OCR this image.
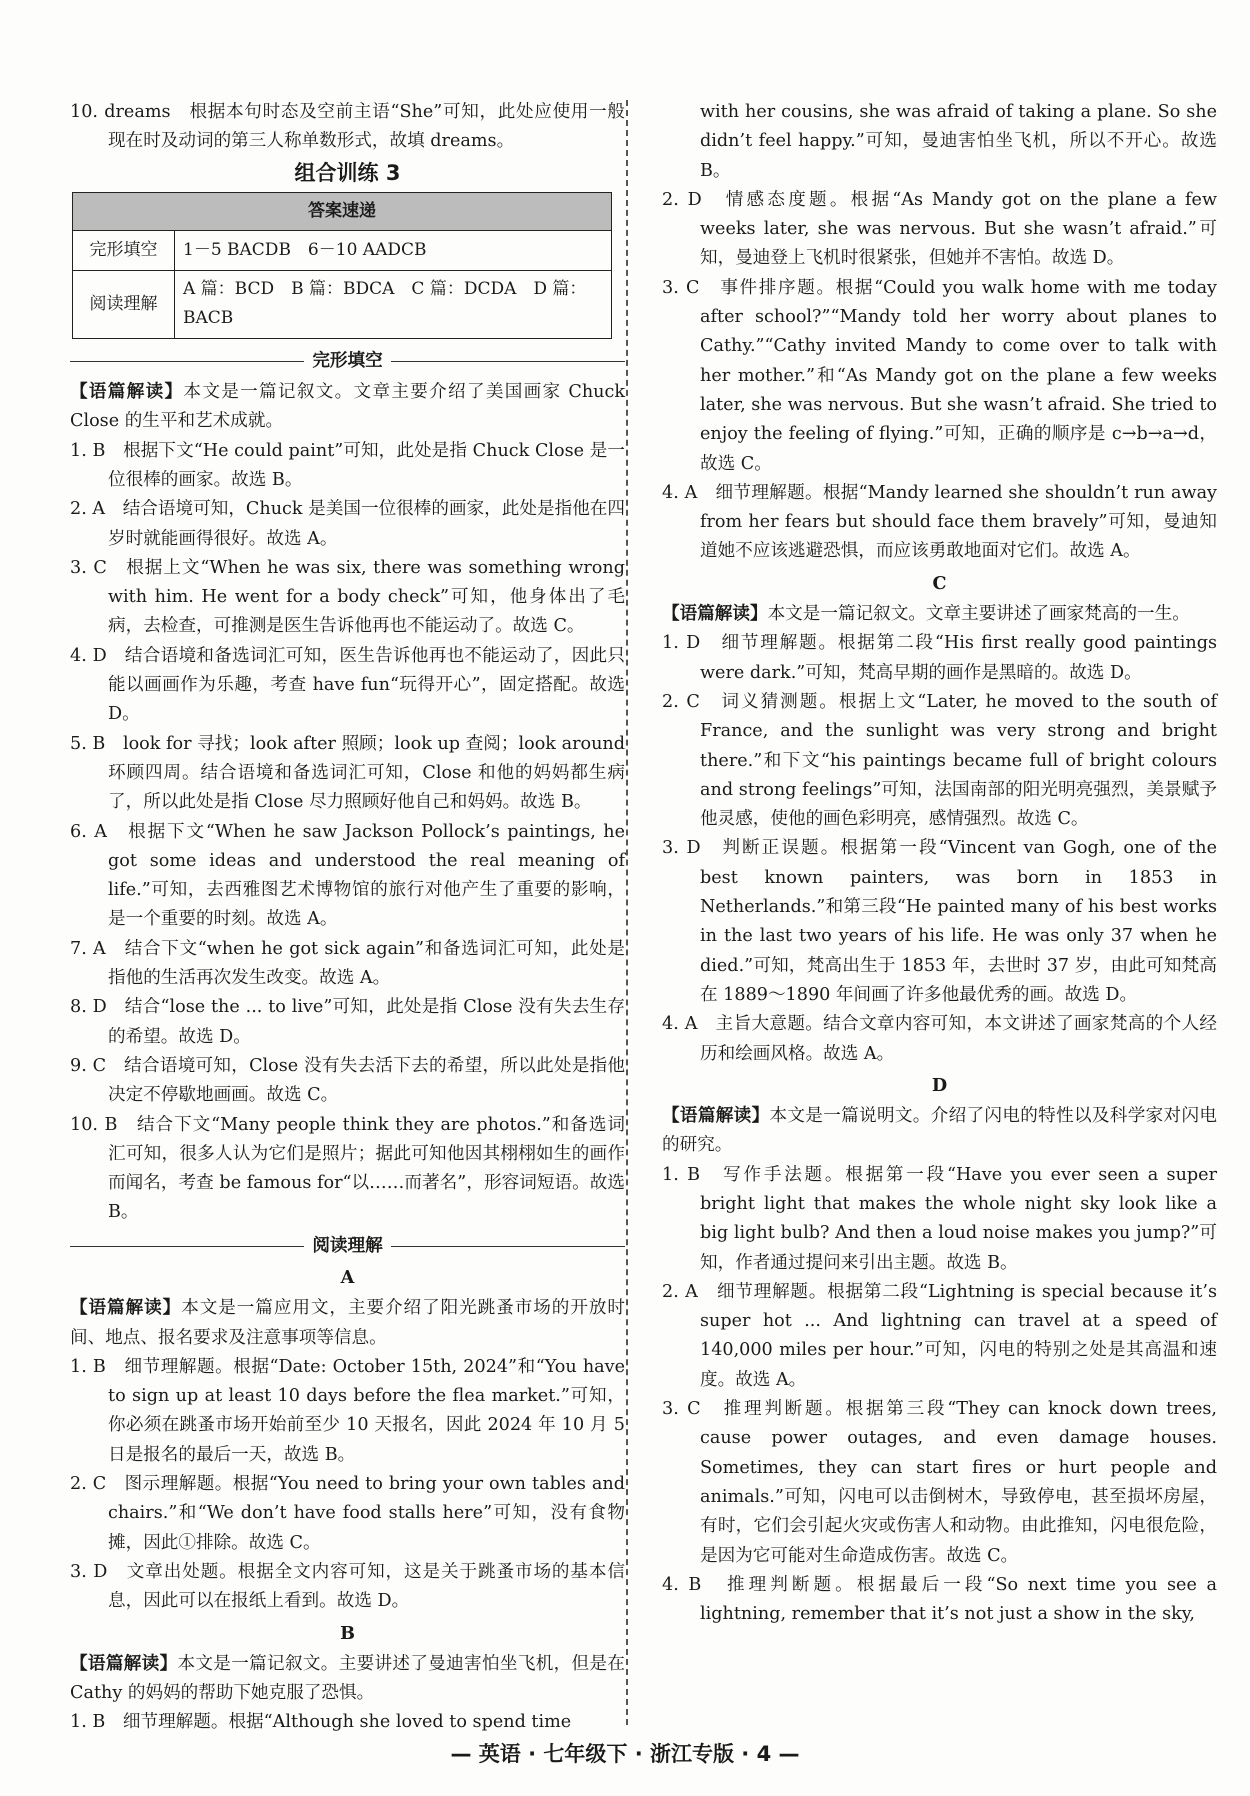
10. dreams　根据本句时态及空前主语“She”可知，此处应使用一般现在时及动词的第三人称单数形式，故填 dreams。
组合训练 3
答案速递	
完形填空	1－5 BACDB　6－10 AADCB
阅读理解	A 篇：BCD　B 篇：BDCA　C 篇：DCDA　D 篇：BACB
完形填空
【语篇解读】本文是一篇记叙文。文章主要介绍了美国画家 Chuck Close 的生平和艺术成就。
1. B　根据下文“He could paint”可知，此处是指 Chuck Close 是一位很棒的画家。故选 B。
2. A　结合语境可知，Chuck 是美国一位很棒的画家，此处是指他在四岁时就能画得很好。故选 A。
3. C　根据上文“When he was six, there was something wrong with him. He went for a body check”可知，他身体出了毛病，去检查，可推测是医生告诉他再也不能运动了。故选 C。
4. D　结合语境和备选词汇可知，医生告诉他再也不能运动了，因此只能以画画作为乐趣，考查 have fun“玩得开心”，固定搭配。故选 D。
5. B　look for 寻找；look after 照顾；look up 查阅；look around 环顾四周。结合语境和备选词汇可知，Close 和他的妈妈都生病了，所以此处是指 Close 尽力照顾好他自己和妈妈。故选 B。
6. A　根据下文“When he saw Jackson Pollock’s paintings, he got some ideas and understood the real meaning of life.”可知，去西雅图艺术博物馆的旅行对他产生了重要的影响，是一个重要的时刻。故选 A。
7. A　结合下文“when he got sick again”和备选词汇可知，此处是指他的生活再次发生改变。故选 A。
8. D　结合“lose the ... to live”可知，此处是指 Close 没有失去生存的希望。故选 D。
9. C　结合语境可知，Close 没有失去活下去的希望，所以此处是指他决定不停歇地画画。故选 C。
10. B　结合下文“Many people think they are photos.”和备选词汇可知，很多人认为它们是照片；据此可知他因其栩栩如生的画作而闻名，考查 be famous for“以……而著名”，形容词短语。故选 B。
阅读理解
A
【语篇解读】本文是一篇应用文，主要介绍了阳光跳蚤市场的开放时间、地点、报名要求及注意事项等信息。
1. B　细节理解题。根据“Date: October 15th, 2024”和“You have to sign up at least 10 days before the flea market.”可知，你必须在跳蚤市场开始前至少 10 天报名，因此 2024 年 10 月 5 日是报名的最后一天，故选 B。
2. C　图示理解题。根据“You need to bring your own tables and chairs.”和“We don’t have food stalls here”可知，没有食物摊，因此①排除。故选 C。
3. D　文章出处题。根据全文内容可知，这是关于跳蚤市场的基本信息，因此可以在报纸上看到。故选 D。
B
【语篇解读】本文是一篇记叙文。主要讲述了曼迪害怕坐飞机，但是在 Cathy 的妈妈的帮助下她克服了恐惧。
1. B　细节理解题。根据“Although she loved to spend time
with her cousins, she was afraid of taking a plane. So she didn’t feel happy.”可知，曼迪害怕坐飞机，所以不开心。故选 B。
2. D　情感态度题。根据“As Mandy got on the plane a few weeks later, she was nervous. But she wasn’t afraid.”可知，曼迪登上飞机时很紧张，但她并不害怕。故选 D。
3. C　事件排序题。根据“Could you walk home with me today after school?”“Mandy told her worry about planes to Cathy.”“Cathy invited Mandy to come over to talk with her mother.”和“As Mandy got on the plane a few weeks later, she was nervous. But she wasn’t afraid. She tried to enjoy the feeling of flying.”可知，正确的顺序是 c→b→a→d，故选 C。
4. A　细节理解题。根据“Mandy learned she shouldn’t run away from her fears but should face them bravely”可知，曼迪知道她不应该逃避恐惧，而应该勇敢地面对它们。故选 A。
C
【语篇解读】本文是一篇记叙文。文章主要讲述了画家梵高的一生。
1. D　细节理解题。根据第二段“His first really good paintings were dark.”可知，梵高早期的画作是黑暗的。故选 D。
2. C　词义猜测题。根据上文“Later, he moved to the south of France, and the sunlight was very strong and bright there.”和下文“his paintings became full of bright colours and strong feelings”可知，法国南部的阳光明亮强烈，美景赋予他灵感，使他的画色彩明亮，感情强烈。故选 C。
3. D　判断正误题。根据第一段“Vincent van Gogh, one of the best known painters, was born in 1853 in Netherlands.”和第三段“He painted many of his best works in the last two years of his life. He was only 37 when he died.”可知，梵高出生于 1853 年，去世时 37 岁，由此可知梵高在 1889～1890 年间画了许多他最优秀的画。故选 D。
4. A　主旨大意题。结合文章内容可知，本文讲述了画家梵高的个人经历和绘画风格。故选 A。
D
【语篇解读】本文是一篇说明文。介绍了闪电的特性以及科学家对闪电的研究。
1. B　写作手法题。根据第一段“Have you ever seen a super bright light that makes the whole night sky look like a big light bulb? And then a loud noise makes you jump?”可知，作者通过提问来引出主题。故选 B。
2. A　细节理解题。根据第二段“Lightning is special because it’s super hot ... And lightning can travel at a speed of 140,000 miles per hour.”可知，闪电的特别之处是其高温和速度。故选 A。
3. C　推理判断题。根据第三段“They can knock down trees, cause power outages, and even damage houses. Sometimes, they can start fires or hurt people and animals.”可知，闪电可以击倒树木，导致停电，甚至损坏房屋，有时，它们会引起火灾或伤害人和动物。由此推知，闪电很危险，是因为它可能对生命造成伤害。故选 C。
4. B　推理判断题。根据最后一段“So next time you see a lightning, remember that it’s not just a show in the sky,
— 英语 · 七年级下 · 浙江专版 · 4 —
